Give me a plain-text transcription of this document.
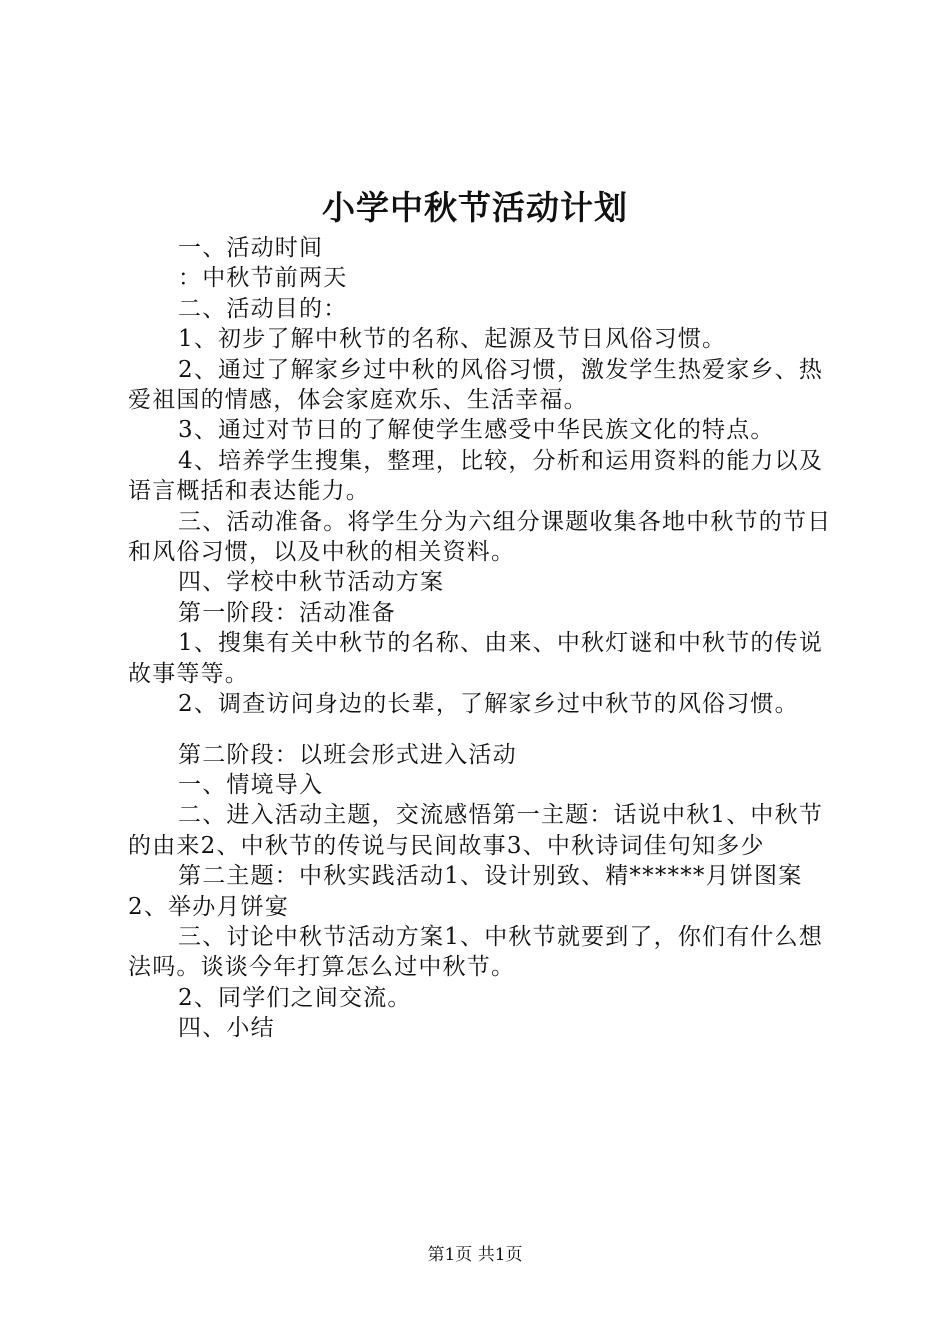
小学中秋节活动计划

一、活动时间

：中秋节前两天

二、活动目的：

1、初步了解中秋节的名称、起源及节日风俗习惯。

2、通过了解家乡过中秋的风俗习惯，激发学生热爱家乡、热爱祖国的情感，体会家庭欢乐、生活幸福。

3、通过对节日的了解使学生感受中华民族文化的特点。

4、培养学生搜集，整理，比较，分析和运用资料的能力以及语言概括和表达能力。

三、活动准备。将学生分为六组分课题收集各地中秋节的节日和风俗习惯，以及中秋的相关资料。

四、学校中秋节活动方案

第一阶段：活动准备

1、搜集有关中秋节的名称、由来、中秋灯谜和中秋节的传说故事等等。

2、调查访问身边的长辈，了解家乡过中秋节的风俗习惯。

第二阶段：以班会形式进入活动

一、情境导入

二、进入活动主题，交流感悟第一主题：话说中秋1、中秋节的由来2、中秋节的传说与民间故事3、中秋诗词佳句知多少

第二主题：中秋实践活动1、设计别致、精******月饼图案2、举办月饼宴

三、讨论中秋节活动方案1、中秋节就要到了，你们有什么想法吗。谈谈今年打算怎么过中秋节。

2、同学们之间交流。

四、小结

第1页 共1页
